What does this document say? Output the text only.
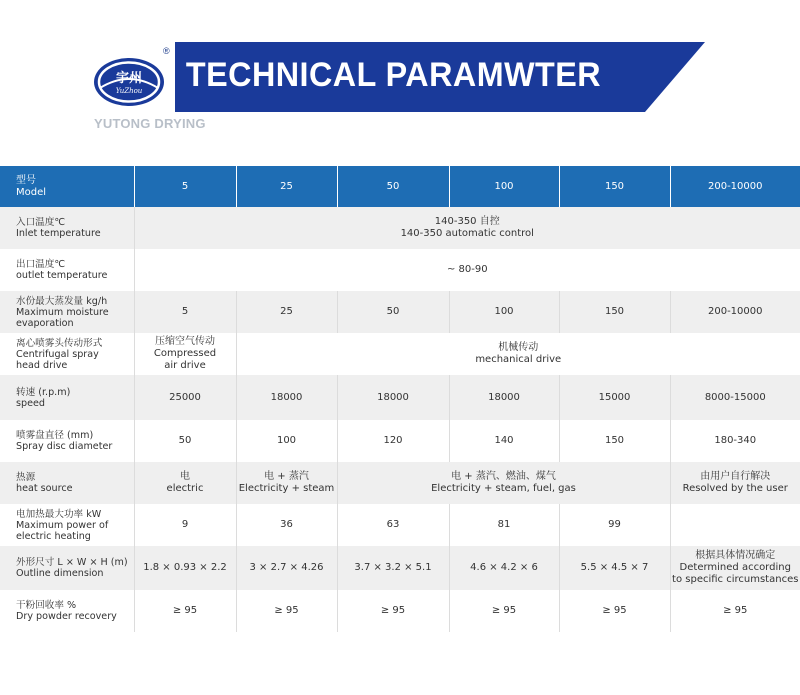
TECHNICAL PARAMWTER
宇州
YuZhou
®
YUTONG DRYING
型号
Model	5	25	50	100	150	200-10000

入口温度℃
Inlet temperature	140-350 自控
140-350 automatic control					

出口温度℃
outlet temperature	~ 80-90					

水份最大蒸发量 kg/h
Maximum moisture
evaporation	5	25	50	100	150	200-10000

离心喷雾头传动形式
Centrifugal spray
head drive	压缩空气传动
Compressed
air drive	机械传动
mechanical drive				

转速 (r.p.m)
speed	25000	18000	18000	18000	15000	8000-15000

喷雾盘直径 (mm)
Spray disc diameter	50	100	120	140	150	180-340

热源
heat source	电
electric	电 + 蒸汽
Electricity + steam	电 + 蒸汽、燃油、煤气
Electricity + steam, fuel, gas			由用户自行解决
Resolved by the user

电加热最大功率 kW
Maximum power of
electric heating	9	36	63	81	99	

外形尺寸 L × W × H (m)
Outline dimension	1.8 × 0.93 × 2.2	3 × 2.7 × 4.26	3.7 × 3.2 × 5.1	4.6 × 4.2 × 6	5.5 × 4.5 × 7	根据具体情况确定
Determined according
to specific circumstances

干粉回收率 %
Dry powder recovery	≥ 95	≥ 95	≥ 95	≥ 95	≥ 95	≥ 95
